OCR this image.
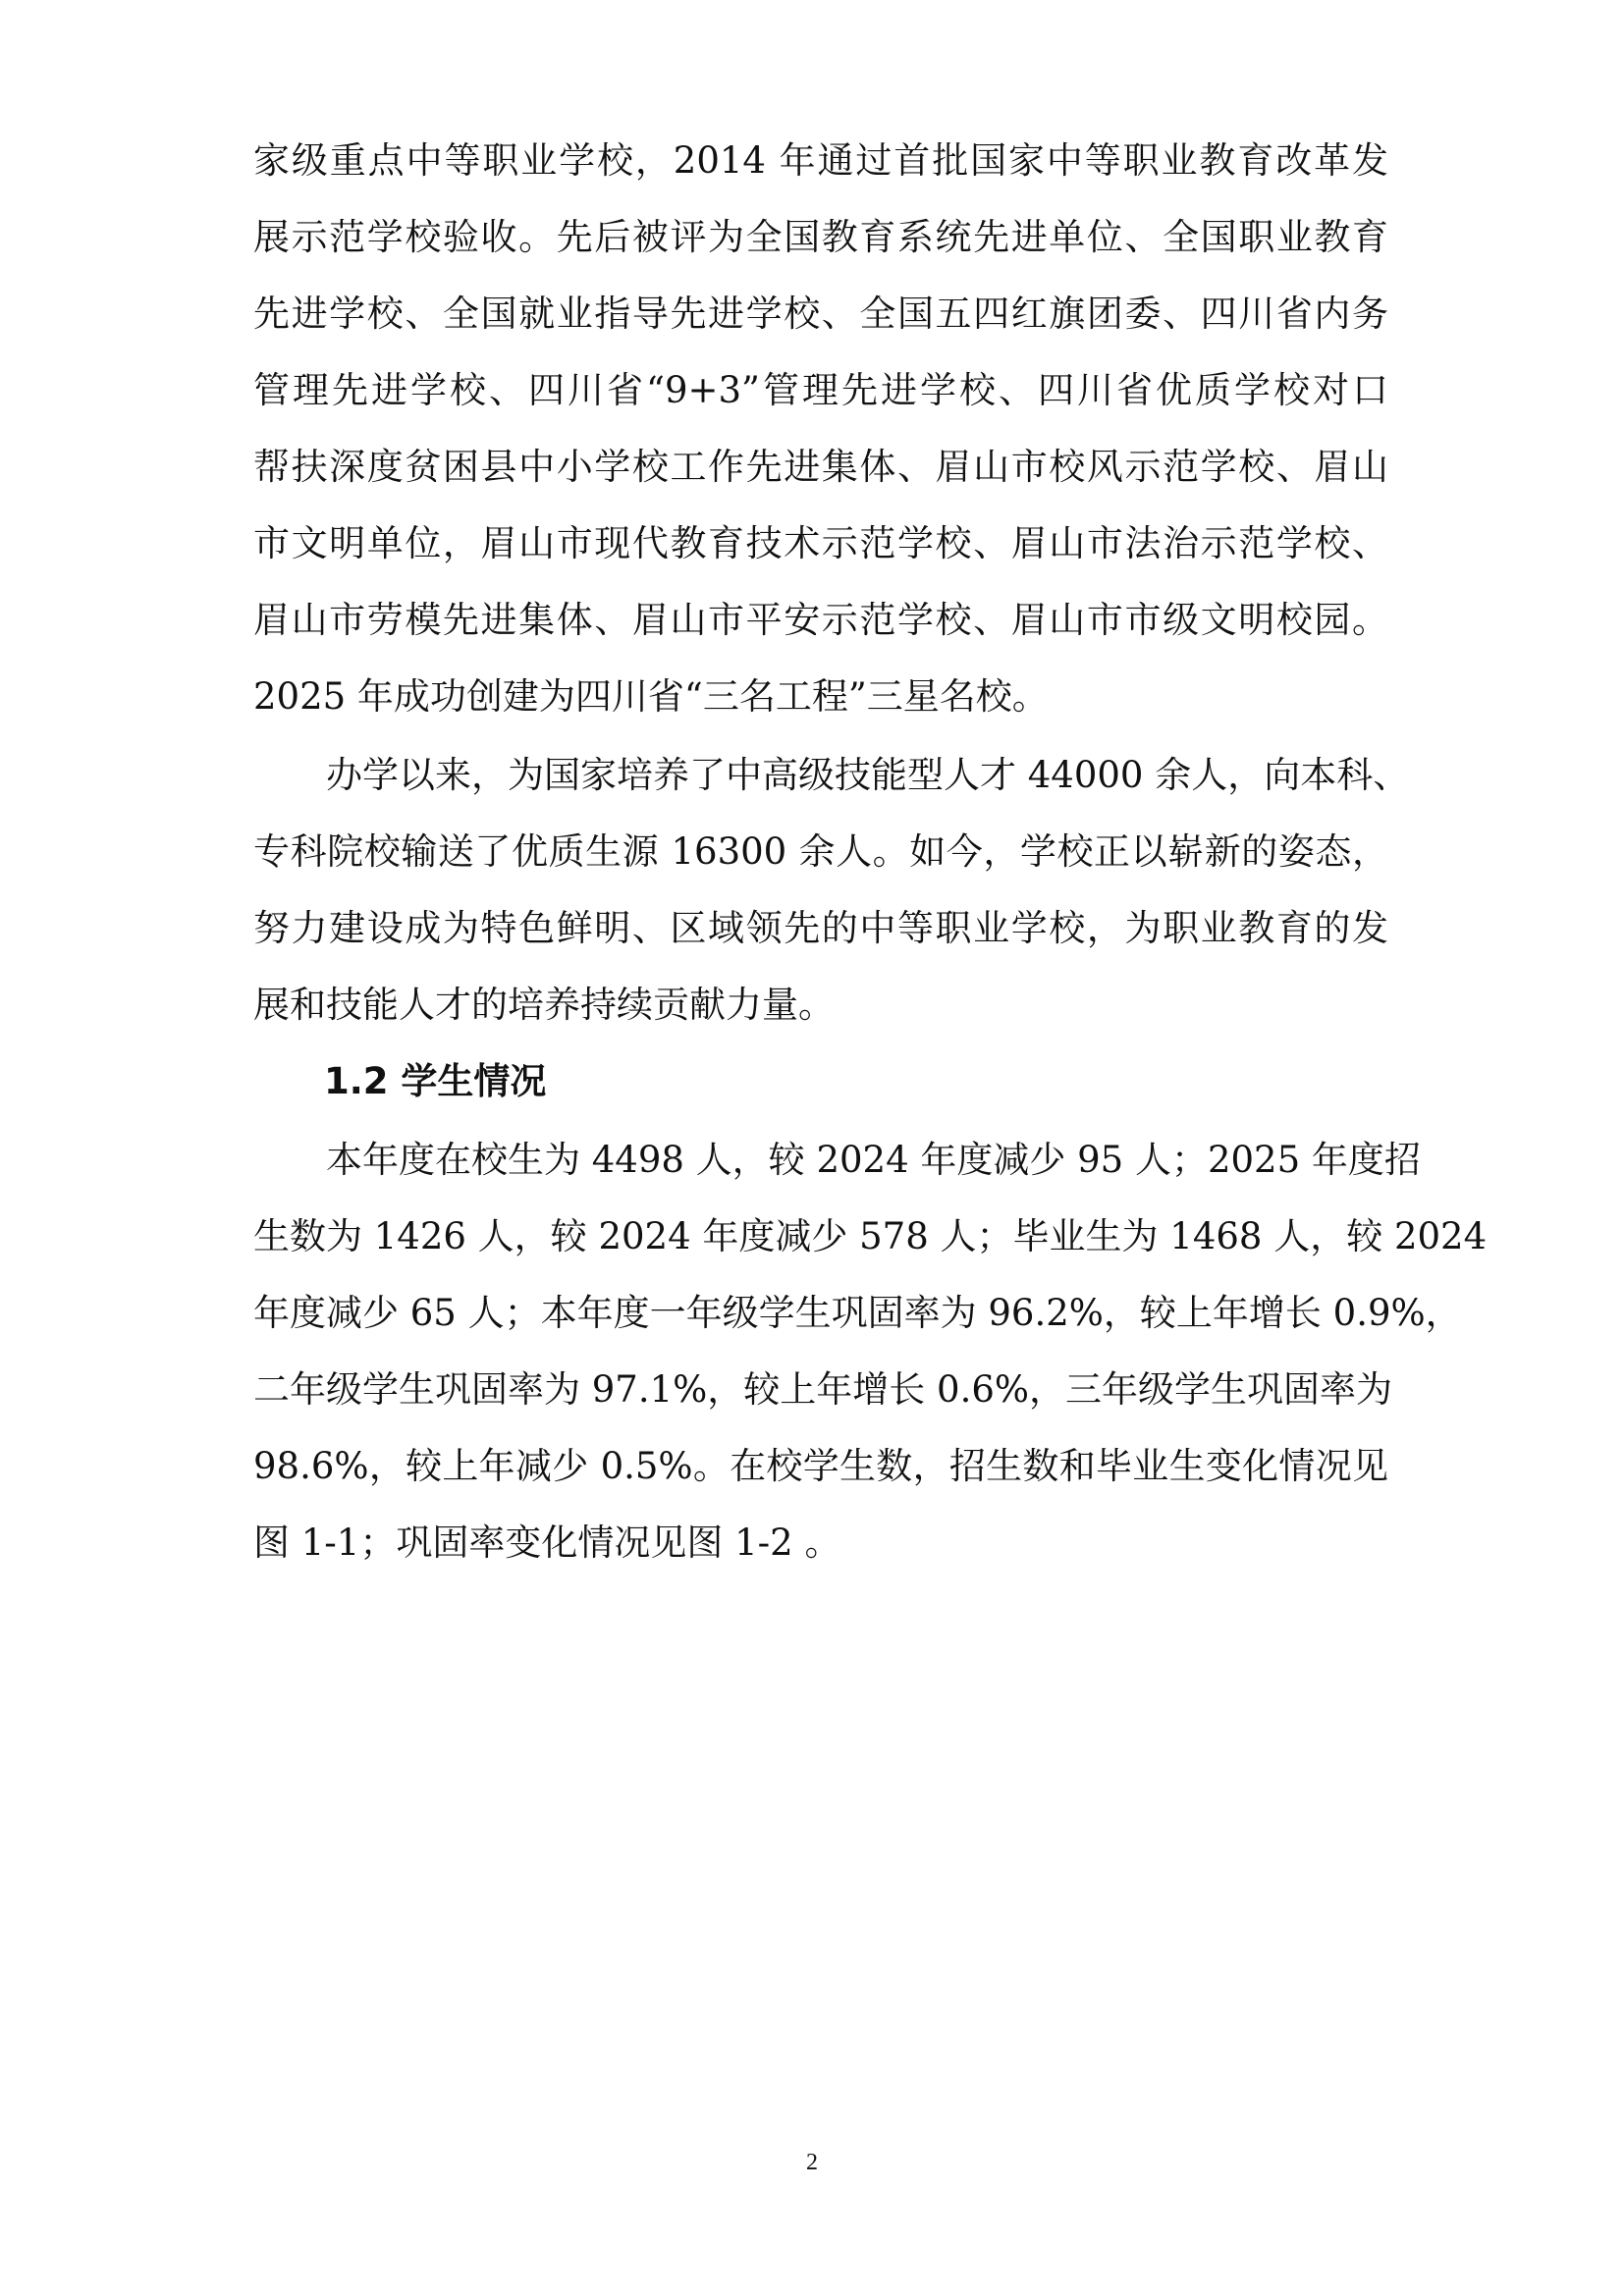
家级重点中等职业学校，2014 年通过首批国家中等职业教育改革发
展示范学校验收。先后被评为全国教育系统先进单位、全国职业教育
先进学校、全国就业指导先进学校、全国五四红旗团委、四川省内务
管理先进学校、四川省“9+3”管理先进学校、四川省优质学校对口
帮扶深度贫困县中小学校工作先进集体、眉山市校风示范学校、眉山
市文明单位，眉山市现代教育技术示范学校、眉山市法治示范学校、
眉山市劳模先进集体、眉山市平安示范学校、眉山市市级文明校园。
2025 年成功创建为四川省“三名工程”三星名校。
办学以来，为国家培养了中高级技能型人才 44000 余人，向本科、
专科院校输送了优质生源 16300 余人。如今，学校正以崭新的姿态，
努力建设成为特色鲜明、区域领先的中等职业学校，为职业教育的发
展和技能人才的培养持续贡献力量。
1.2 学生情况
本年度在校生为 4498 人，较 2024 年度减少 95 人；2025 年度招
生数为 1426 人，较 2024 年度减少 578 人；毕业生为 1468 人，较 2024
年度减少 65 人；本年度一年级学生巩固率为 96.2%，较上年增长 0.9%，
二年级学生巩固率为 97.1%，较上年增长 0.6%，三年级学生巩固率为
98.6%，较上年减少 0.5%。在校学生数，招生数和毕业生变化情况见
图 1-1；巩固率变化情况见图 1-2 。
2
